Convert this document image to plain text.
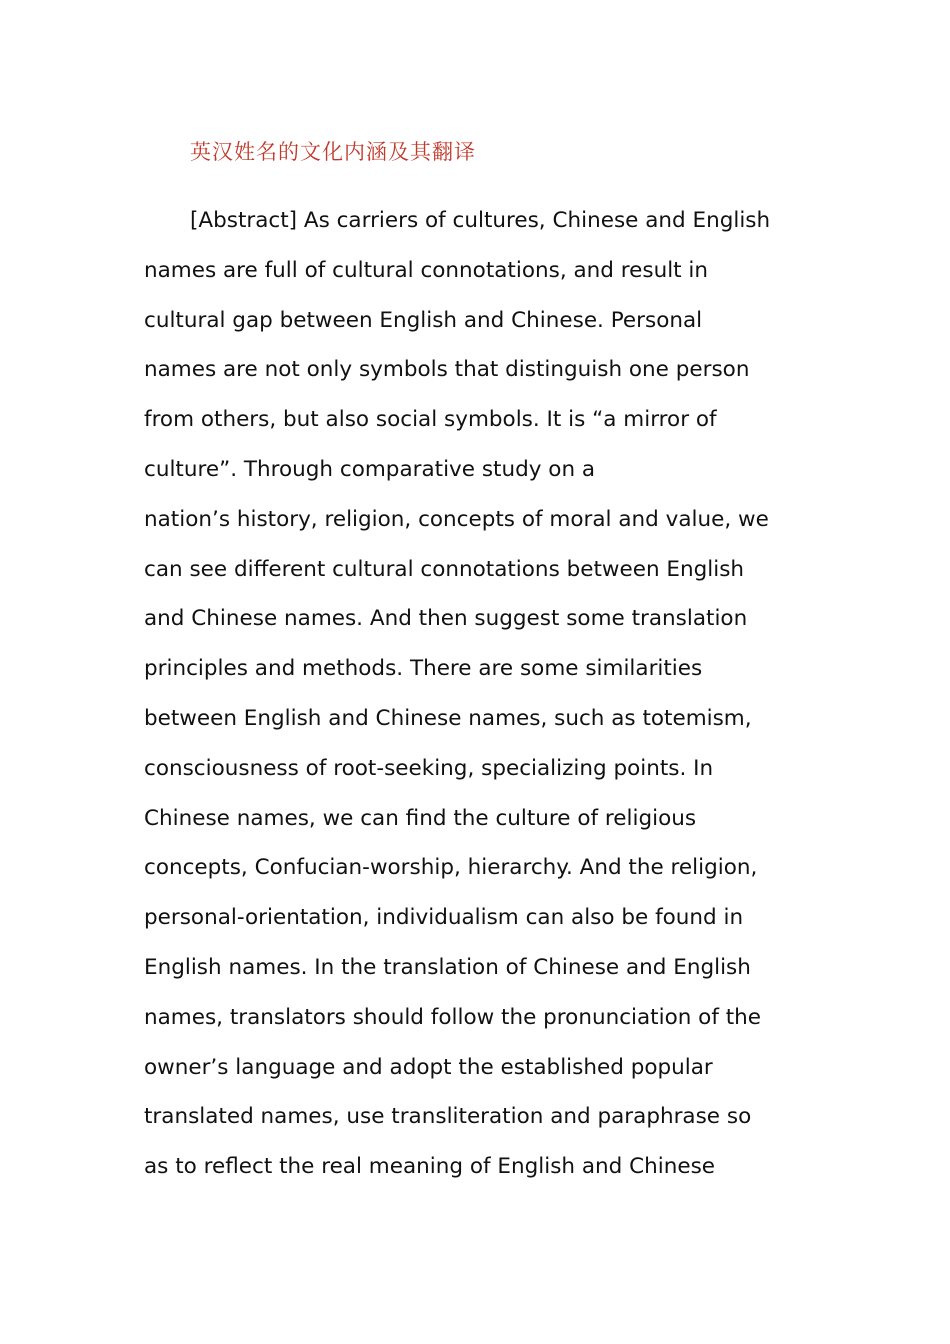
英汉姓名的文化内涵及其翻译
[Abstract] As carriers of cultures, Chinese and English
names are full of cultural connotations, and result in
cultural gap between English and Chinese. Personal
names are not only symbols that distinguish one person
from others, but also social symbols. It is “a mirror of
culture”. Through comparative study on a
nation’s history, religion, concepts of moral and value, we
can see different cultural connotations between English
and Chinese names. And then suggest some translation
principles and methods. There are some similarities
between English and Chinese names, such as totemism,
consciousness of root-seeking, specializing points. In
Chinese names, we can find the culture of religious
concepts, Confucian-worship, hierarchy. And the religion,
personal-orientation, individualism can also be found in
English names. In the translation of Chinese and English
names, translators should follow the pronunciation of the
owner’s language and adopt the established popular
translated names, use transliteration and paraphrase so
as to reflect the real meaning of English and Chinese
